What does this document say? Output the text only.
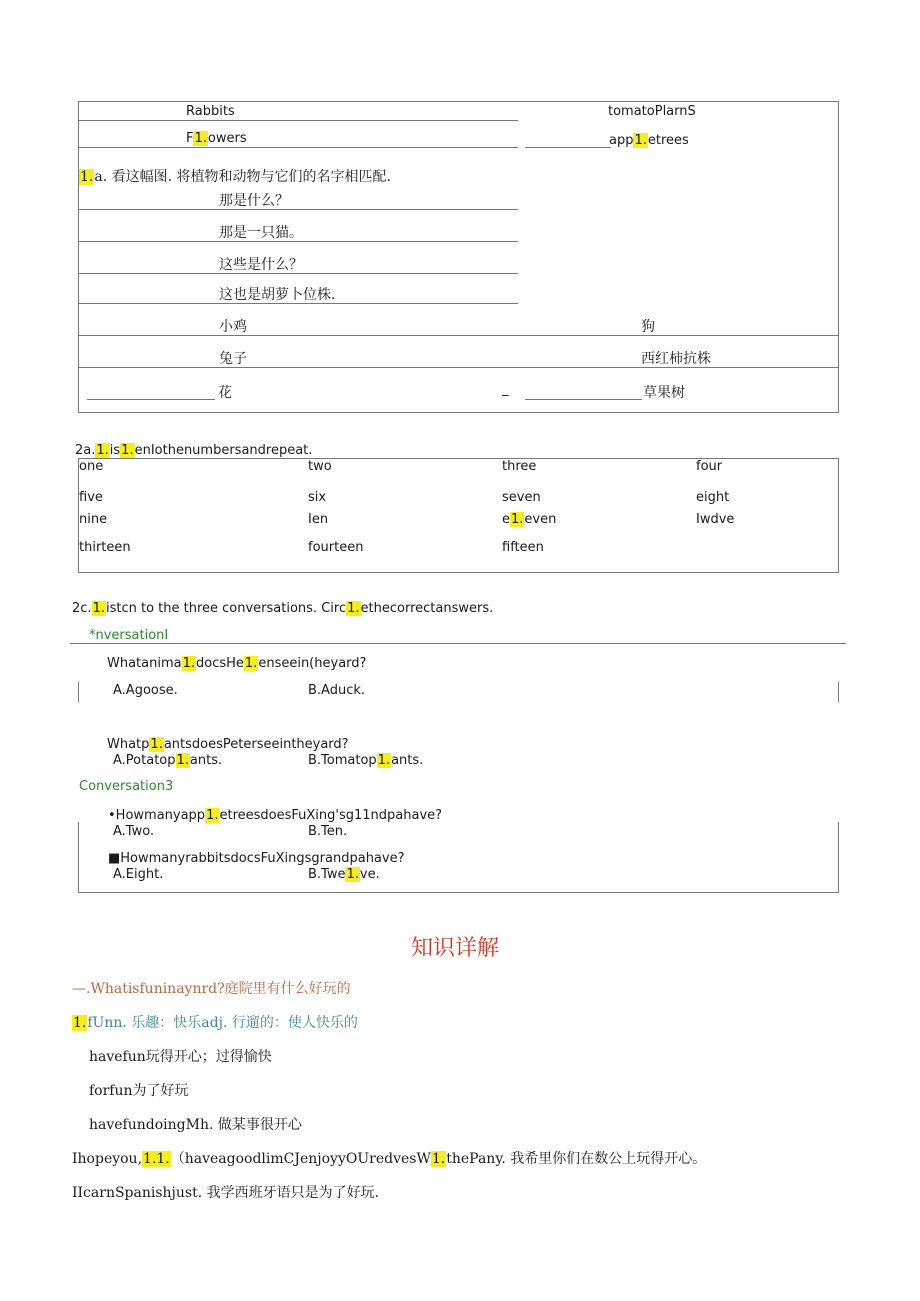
Rabbits	tomatoPlarnS
F1.owers	app1.etrees
1.a. 看这幅图. 将植物和动物与它们的名字相匹配.
那是什么？
那是一只猫。
这些是什么？
这也是胡萝卜位株.
小鸡	狗
兔子	西红柿抗株
花	_	草果树
2a.1.is1.enIothenumbersandrepeat.
one	two	three	four
five	six	seven	eight
nine	Ien	e1.even	Iwdve
thirteen	fourteen	fifteen
2c.1.istcn to the three conversations. Circ1.ethecorrectanswers.
*nversationI
Whatanima1.docsHe1.enseein(heyard?
A.Agoose.	B.Aduck.
Whatp1.antsdoesPeterseeintheyard?
A.Potatop1.ants.	B.Tomatop1.ants.
Conversation3
•Howmanyapp1.etreesdoesFuXing'sg11ndpahave?
A.Two.	B.Ten.
■HowmanyrabbitsdocsFuXingsgrandpahave?
A.Eight.	B.Twe1.ve.
知识详解
—.Whatisfuninaynrd?庭院里有什么好玩的
1.fUnn. 乐趣：快乐adj. 行遛的：使人快乐的
havefun玩得开心；过得愉快
forfun为了好玩
havefundoingMh. 做某事很开心
Ihopeyou,1.1.（haveagoodlimCJenjoyyOUredvesW1.thePany. 我希里你们在数公上玩得开心。
IIcarnSpanishjust. 我学西班牙语只是为了好玩.
